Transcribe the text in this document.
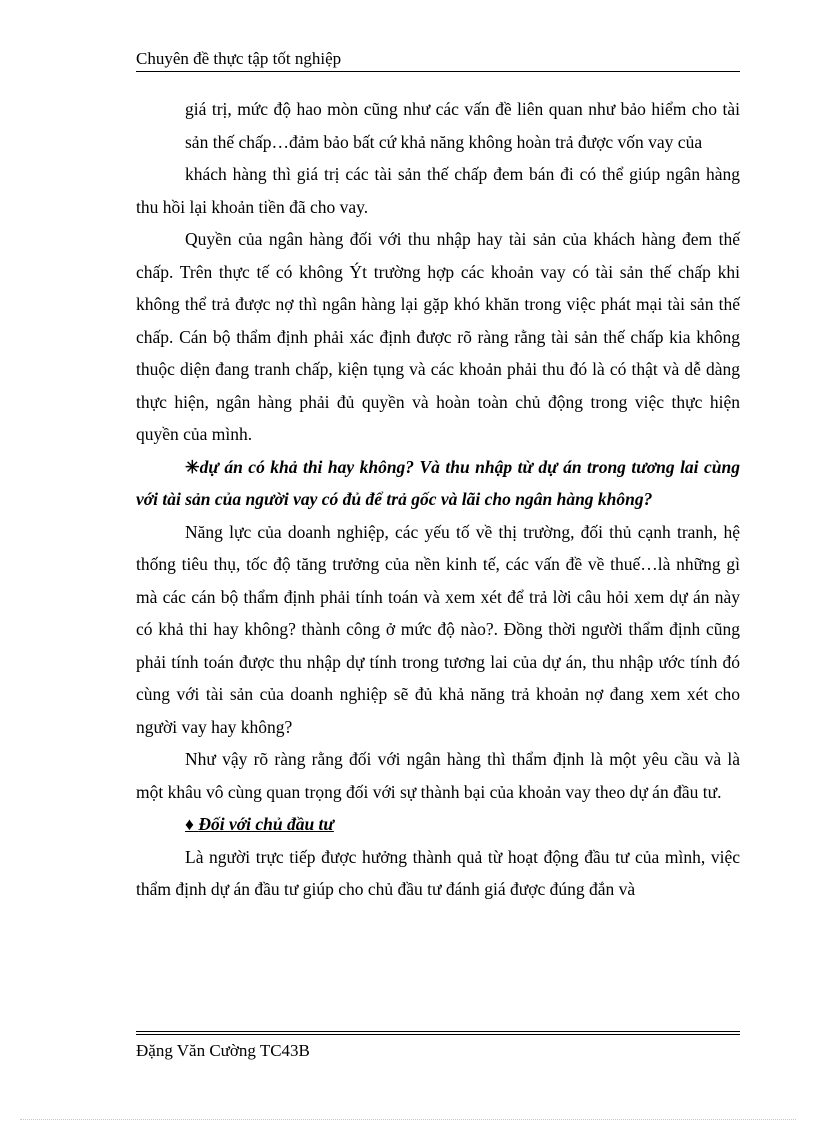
Chuyên đề thực tập tốt nghiệp

giá trị, mức độ hao mòn cũng như các vấn đề liên quan như bảo hiểm cho tài sản thế chấp…đảm bảo bất cứ khả năng không hoàn trả được vốn vay của

khách hàng thì giá trị các tài sản thế chấp đem bán đi có thể giúp ngân hàng thu hồi lại khoản tiền đã cho vay.

Quyền của ngân hàng đối với thu nhập hay tài sản của khách hàng đem thế chấp. Trên thực tế có không Ýt trường hợp các khoản vay có tài sản thế chấp khi không thể trả được nợ thì ngân hàng lại gặp khó khăn trong việc phát mại tài sản thế chấp. Cán bộ thẩm định phải xác định được rõ ràng rằng tài sản thế chấp kia không thuộc diện đang tranh chấp, kiện tụng và các khoản phải thu đó là có thật và dễ dàng thực hiện, ngân hàng phải đủ quyền và hoàn toàn chủ động trong việc thực hiện quyền của mình.

✳dự án có khả thi hay không? Và thu nhập từ dự án trong tương lai cùng với tài sản của người vay có đủ để trả gốc và lãi cho ngân hàng không?

Năng lực của doanh nghiệp, các yếu tố về thị trường, đối thủ cạnh tranh, hệ thống tiêu thụ, tốc độ tăng trưởng của nền kinh tế, các vấn đề về thuế…là những gì mà các cán bộ thẩm định phải tính toán và xem xét để trả lời câu hỏi xem dự án này có khả thi hay không? thành công ở mức độ nào?. Đồng thời người thẩm định cũng phải tính toán được thu nhập dự tính trong tương lai của dự án, thu nhập ước tính đó cùng với tài sản của doanh nghiệp sẽ đủ khả năng trả khoản nợ đang xem xét cho người vay hay không?

Như vậy rõ ràng rằng đối với ngân hàng thì thẩm định là một yêu cầu và là một khâu vô cùng quan trọng đối với sự thành bại của khoản vay theo dự án đầu tư.

♦ Đối với chủ đầu tư

Là người trực tiếp được hưởng thành quả từ hoạt động đầu tư của mình, việc thẩm định dự án đầu tư giúp cho chủ đầu tư đánh giá được đúng đắn và

Đặng Văn Cường TC43B
